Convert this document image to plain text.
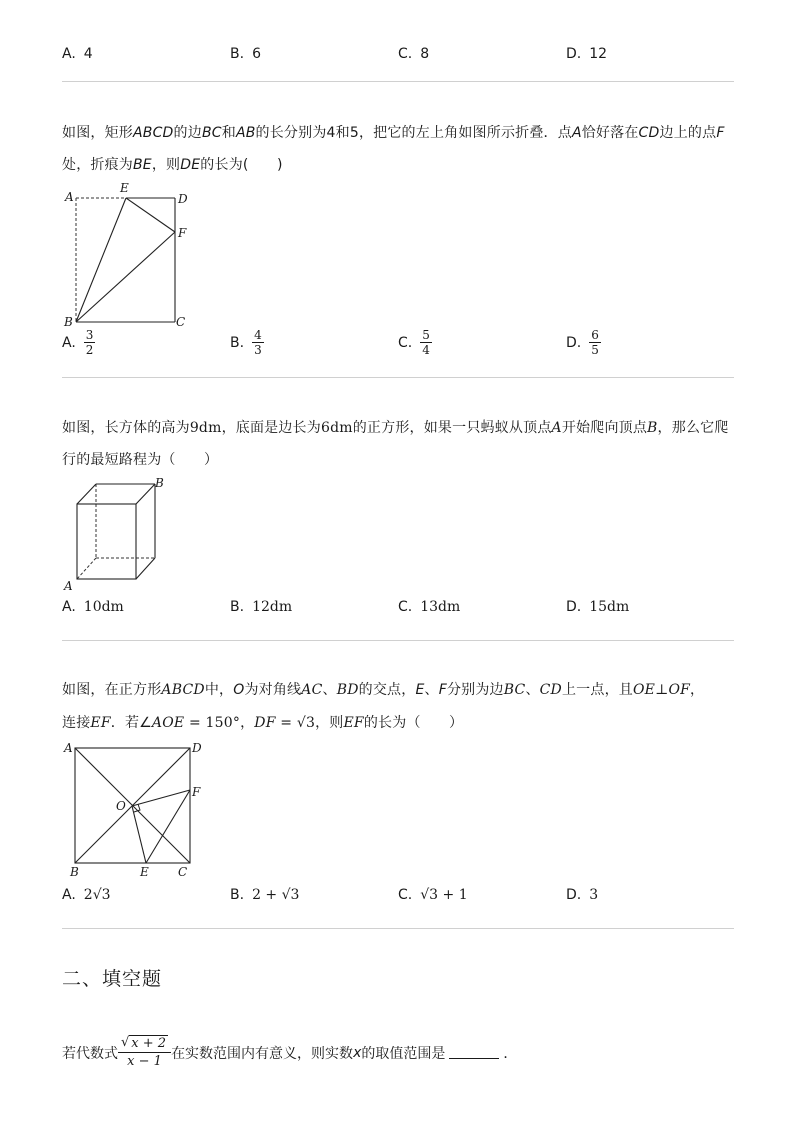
A. 4	B. 6	C. 8	D. 12
如图，矩形ABCD的边BC和AB的长分别为4和5，把它的左上角如图所示折叠．点A恰好落在CD边上的点F
处，折痕为BE，则DE的长为(　　)
A
E
D
F
B	C
A. $\frac{3}{2}$	B. $\frac{4}{3}$	C. $\frac{5}{4}$	D. $\frac{6}{5}$
如图，长方体的高为9dm，底面是边长为6dm的正方形，如果一只蚂蚁从顶点A开始爬向顶点B，那么它爬
行的最短路程为（　　）
A
B
A. 10dm	B. 12dm	C. 13dm	D. 15dm
如图，在正方形ABCD中，O为对角线AC、BD的交点，E、F分别为边BC、CD上一点，且OE⊥OF，
连接EF．若∠AOE = 150°，DF = √3，则EF的长为（　　）
A	D
O
F
B	E C
A. 2√3	B. 2 + √3	C. √3 + 1	D. 3
二、填空题
若代数式 $\frac{√ x + 2}{x - 1}$ 在实数范围内有意义，则实数 x 的取值范围是	．
